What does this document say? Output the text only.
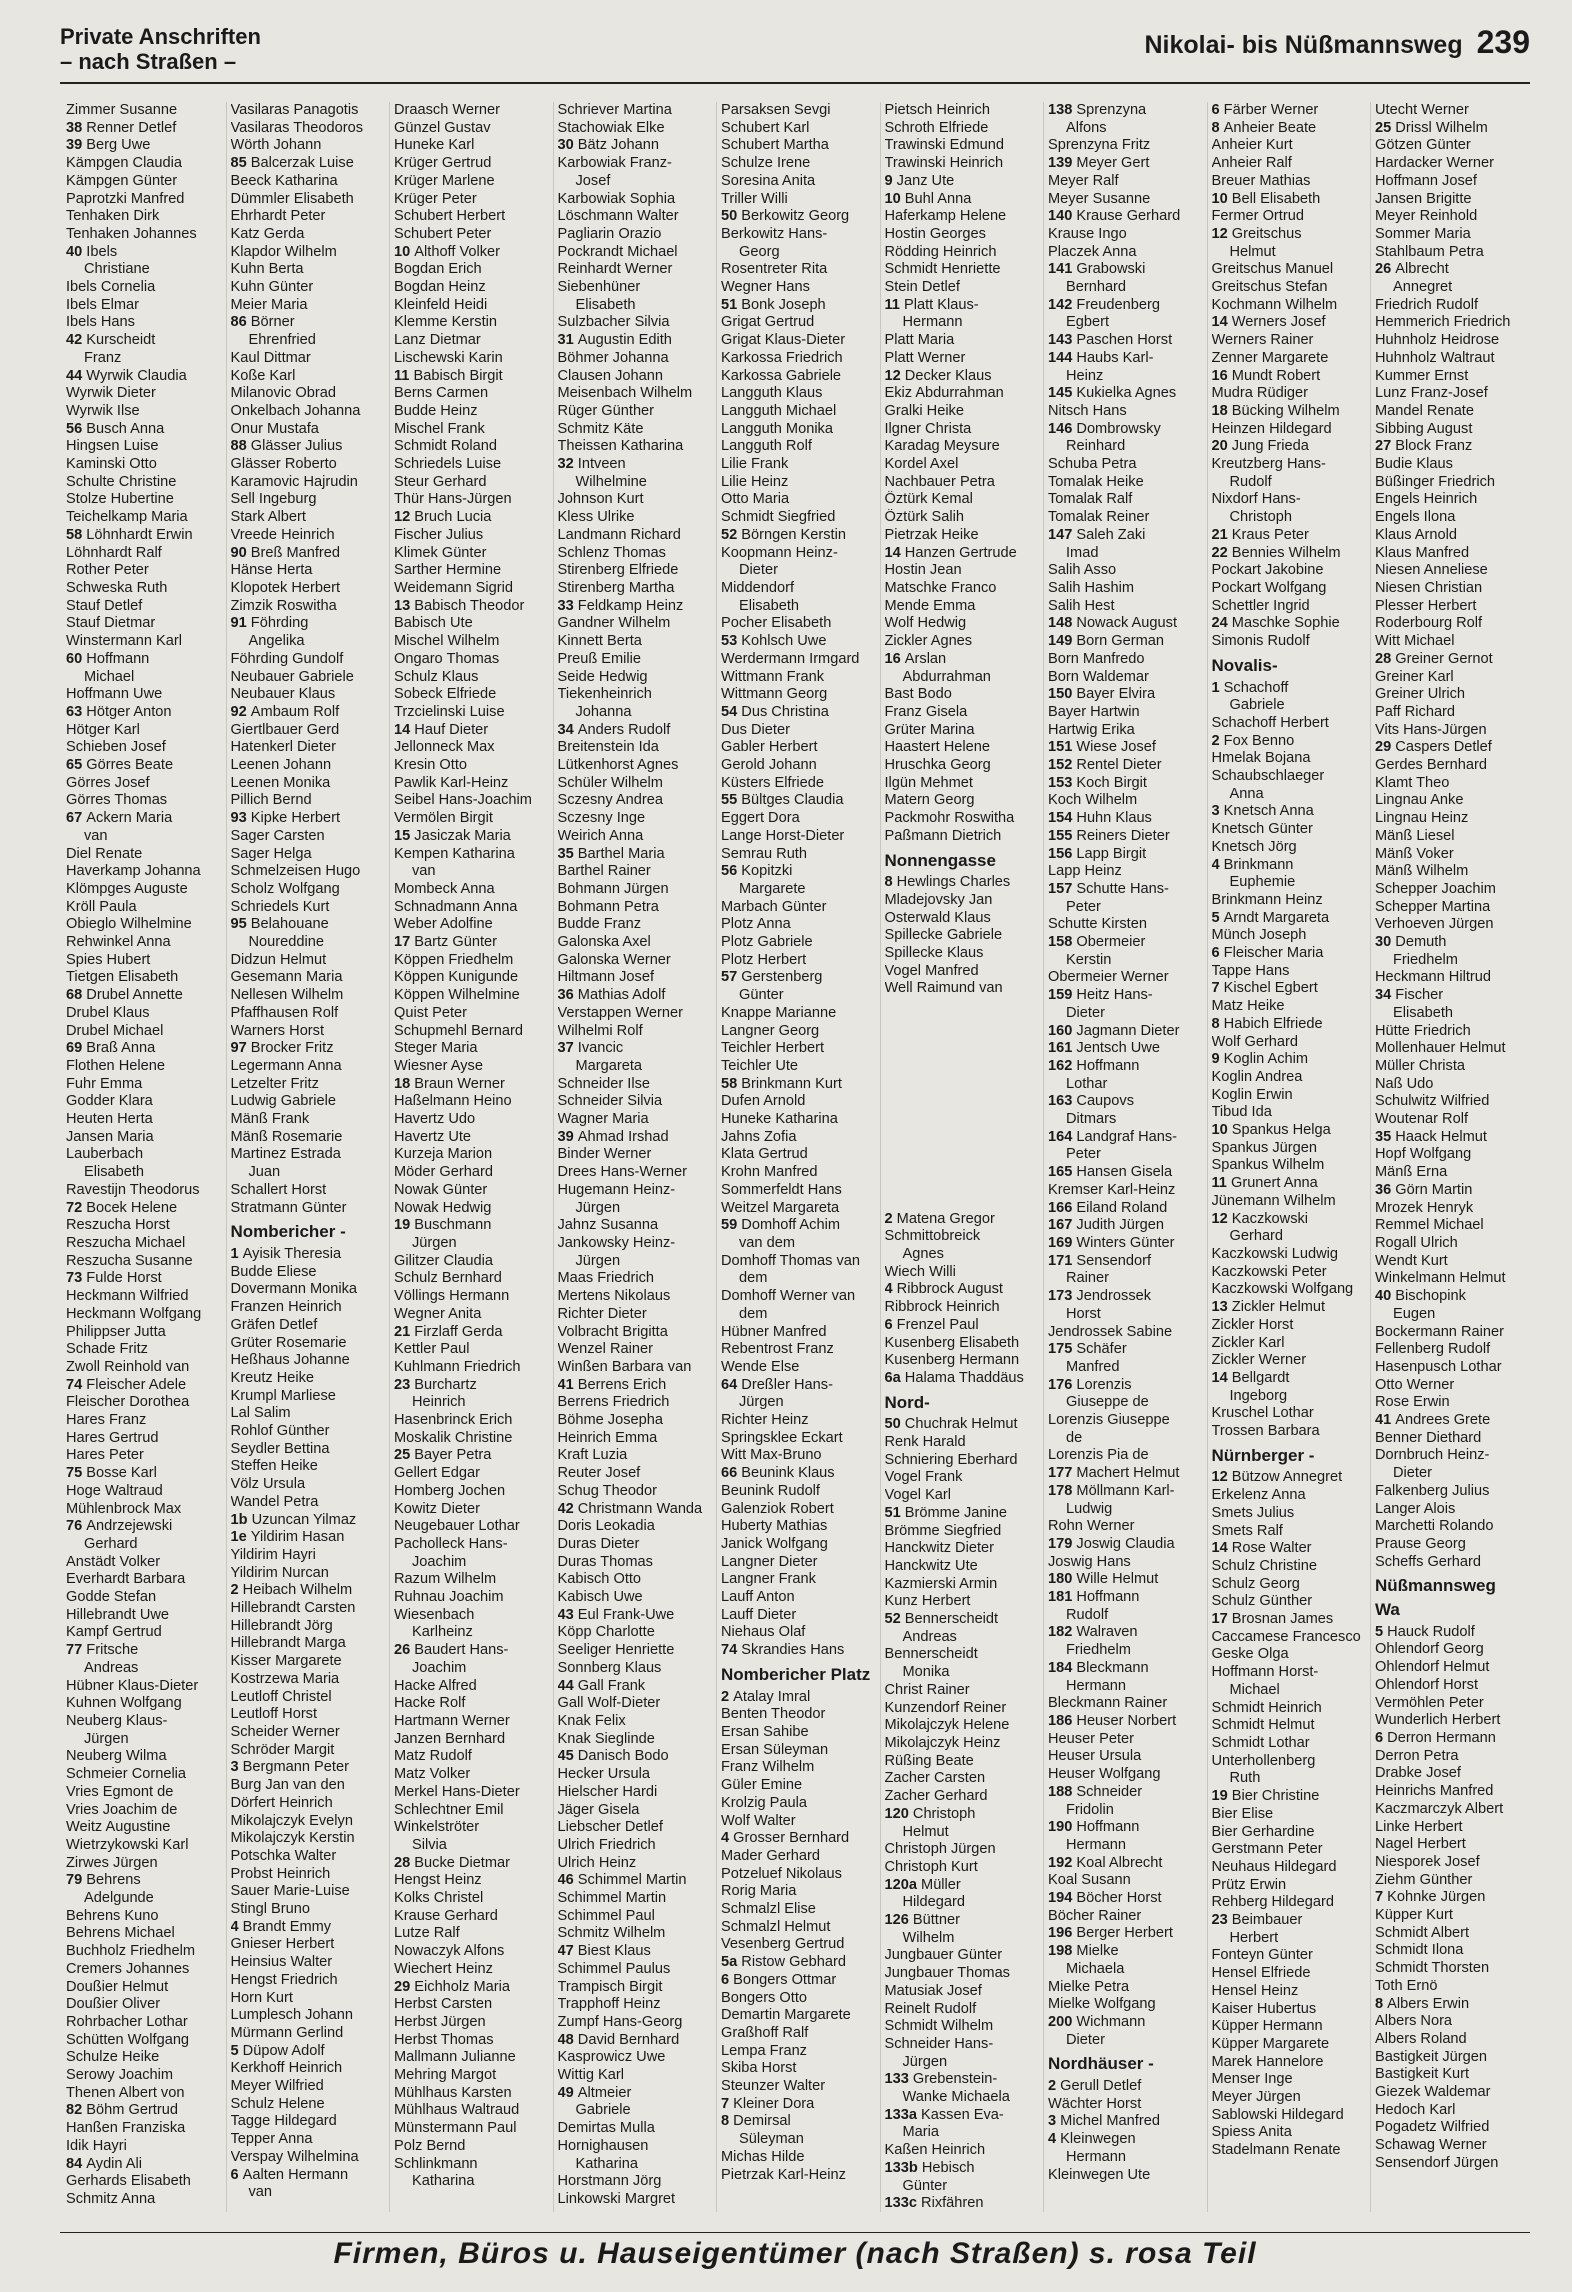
Private Anschriften
– nach Straßen –
Nikolai- bis Nüßmannsweg 239
Zimmer Susanne
38 Renner Detlef
39 Berg Uwe
Kämpgen Claudia
Kämpgen Günter
Paprotzki Manfred
Tenhaken Dirk
Tenhaken Johannes
40 Ibels
Christiane
Ibels Cornelia
Ibels Elmar
Ibels Hans
42 Kurscheidt
Franz
44 Wyrwik Claudia
Wyrwik Dieter
Wyrwik Ilse
56 Busch Anna
Hingsen Luise
Kaminski Otto
Schulte Christine
Stolze Hubertine
Teichelkamp Maria
58 Löhnhardt Erwin
Löhnhardt Ralf
Rother Peter
Schweska Ruth
Stauf Detlef
Stauf Dietmar
Winstermann Karl
60 Hoffmann
Michael
Hoffmann Uwe
63 Hötger Anton
Hötger Karl
Schieben Josef
65 Görres Beate
Görres Josef
Görres Thomas
67 Ackern Maria
van
Diel Renate
Haverkamp Johanna
Klömpges Auguste
Kröll Paula
Obieglo Wilhelmine
Rehwinkel Anna
Spies Hubert
Tietgen Elisabeth
68 Drubel Annette
Drubel Klaus
Drubel Michael
69 Braß Anna
Flothen Helene
Fuhr Emma
Godder Klara
Heuten Herta
Jansen Maria
Lauberbach
Elisabeth
Ravestijn Theodorus
72 Bocek Helene
Reszucha Horst
Reszucha Michael
Reszucha Susanne
73 Fulde Horst
Heckmann Wilfried
Heckmann Wolfgang
Philippser Jutta
Schade Fritz
Zwoll Reinhold van
74 Fleischer Adele
Fleischer Dorothea
Hares Franz
Hares Gertrud
Hares Peter
75 Bosse Karl
Hoge Waltraud
Mühlenbrock Max
76 Andrzejewski
Gerhard
Anstädt Volker
Everhardt Barbara
Godde Stefan
Hillebrandt Uwe
Kampf Gertrud
77 Fritsche
Andreas
Hübner Klaus-Dieter
Kuhnen Wolfgang
Neuberg Klaus-
Jürgen
Neuberg Wilma
Schmeier Cornelia
Vries Egmont de
Vries Joachim de
Weitz Augustine
Wietrzykowski Karl
Zirwes Jürgen
79 Behrens
Adelgunde
Behrens Kuno
Behrens Michael
Buchholz Friedhelm
Cremers Johannes
Doußier Helmut
Doußier Oliver
Rohrbacher Lothar
Schütten Wolfgang
Schulze Heike
Serowy Joachim
Thenen Albert von
82 Böhm Gertrud
Hanßen Franziska
Idik Hayri
84 Aydin Ali
Gerhards Elisabeth
Schmitz Anna
Vasilaras Panagotis
Vasilaras Theodoros
Wörth Johann
85 Balcerzak Luise
Beeck Katharina
Dümmler Elisabeth
Ehrhardt Peter
Katz Gerda
Klapdor Wilhelm
Kuhn Berta
Kuhn Günter
Meier Maria
86 Börner
Ehrenfried
Kaul Dittmar
Koße Karl
Milanovic Obrad
Onkelbach Johanna
Onur Mustafa
88 Glässer Julius
Glässer Roberto
Karamovic Hajrudin
Sell Ingeburg
Stark Albert
Vreede Heinrich
90 Breß Manfred
Hänse Herta
Klopotek Herbert
Zimzik Roswitha
91 Föhrding
Angelika
Föhrding Gundolf
Neubauer Gabriele
Neubauer Klaus
92 Ambaum Rolf
Giertlbauer Gerd
Hatenkerl Dieter
Leenen Johann
Leenen Monika
Pillich Bernd
93 Kipke Herbert
Sager Carsten
Sager Helga
Schmelzeisen Hugo
Scholz Wolfgang
Schriedels Kurt
95 Belahouane
Noureddine
Didzun Helmut
Gesemann Maria
Nellesen Wilhelm
Pfaffhausen Rolf
Warners Horst
97 Brocker Fritz
Legermann Anna
Letzelter Fritz
Ludwig Gabriele
Mänß Frank
Mänß Rosemarie
Martinez Estrada
Juan
Schallert Horst
Stratmann Günter
Nombericher -
1 Ayisik Theresia
Budde Eliese
Dovermann Monika
Franzen Heinrich
Gräfen Detlef
Grüter Rosemarie
Heßhaus Johanne
Kreutz Heike
Krumpl Marliese
Lal Salim
Rohlof Günther
Seydler Bettina
Steffen Heike
Völz Ursula
Wandel Petra
1b Uzuncan Yilmaz
1e Yildirim Hasan
Yildirim Hayri
Yildirim Nurcan
2 Heibach Wilhelm
Hillebrandt Carsten
Hillebrandt Jörg
Hillebrandt Marga
Kisser Margarete
Kostrzewa Maria
Leutloff Christel
Leutloff Horst
Scheider Werner
Schröder Margit
3 Bergmann Peter
Burg Jan van den
Dörfert Heinrich
Mikolajczyk Evelyn
Mikolajczyk Kerstin
Potschka Walter
Probst Heinrich
Sauer Marie-Luise
Stingl Bruno
4 Brandt Emmy
Gnieser Herbert
Heinsius Walter
Hengst Friedrich
Horn Kurt
Lumplesch Johann
Mürmann Gerlind
5 Düpow Adolf
Kerkhoff Heinrich
Meyer Wilfried
Schulz Helene
Tagge Hildegard
Tepper Anna
Verspay Wilhelmina
6 Aalten Hermann
van
Draasch Werner
Günzel Gustav
Huneke Karl
Krüger Gertrud
Krüger Marlene
Krüger Peter
Schubert Herbert
Schubert Peter
10 Althoff Volker
Bogdan Erich
Bogdan Heinz
Kleinfeld Heidi
Klemme Kerstin
Lanz Dietmar
Lischewski Karin
11 Babisch Birgit
Berns Carmen
Budde Heinz
Mischel Frank
Schmidt Roland
Schriedels Luise
Steur Gerhard
Thür Hans-Jürgen
12 Bruch Lucia
Fischer Julius
Klimek Günter
Sarther Hermine
Weidemann Sigrid
13 Babisch Theodor
Babisch Ute
Mischel Wilhelm
Ongaro Thomas
Schulz Klaus
Sobeck Elfriede
Trzcielinski Luise
14 Hauf Dieter
Jellonneck Max
Kresin Otto
Pawlik Karl-Heinz
Seibel Hans-Joachim
Vermölen Birgit
15 Jasiczak Maria
Kempen Katharina
van
Mombeck Anna
Schnadmann Anna
Weber Adolfine
17 Bartz Günter
Köppen Friedhelm
Köppen Kunigunde
Köppen Wilhelmine
Quist Peter
Schupmehl Bernard
Steger Maria
Wiesner Ayse
18 Braun Werner
Haßelmann Heino
Havertz Udo
Havertz Ute
Kurzeja Marion
Möder Gerhard
Nowak Günter
Nowak Hedwig
19 Buschmann
Jürgen
Gilitzer Claudia
Schulz Bernhard
Völlings Hermann
Wegner Anita
21 Firzlaff Gerda
Kettler Paul
Kuhlmann Friedrich
23 Burchartz
Heinrich
Hasenbrinck Erich
Moskalik Christine
25 Bayer Petra
Gellert Edgar
Homberg Jochen
Kowitz Dieter
Neugebauer Lothar
Pacholleck Hans-
Joachim
Razum Wilhelm
Ruhnau Joachim
Wiesenbach
Karlheinz
26 Baudert Hans-
Joachim
Hacke Alfred
Hacke Rolf
Hartmann Werner
Janzen Bernhard
Matz Rudolf
Matz Volker
Merkel Hans-Dieter
Schlechtner Emil
Winkelströter
Silvia
28 Bucke Dietmar
Hengst Heinz
Kolks Christel
Krause Gerhard
Lutze Ralf
Nowaczyk Alfons
Wiechert Heinz
29 Eichholz Maria
Herbst Carsten
Herbst Jürgen
Herbst Thomas
Mallmann Julianne
Mehring Margot
Mühlhaus Karsten
Mühlhaus Waltraud
Münstermann Paul
Polz Bernd
Schlinkmann
Katharina
Schriever Martina
Stachowiak Elke
30 Bätz Johann
Karbowiak Franz-
Josef
Karbowiak Sophia
Löschmann Walter
Pagliarin Orazio
Pockrandt Michael
Reinhardt Werner
Siebenhüner
Elisabeth
Sulzbacher Silvia
31 Augustin Edith
Böhmer Johanna
Clausen Johann
Meisenbach Wilhelm
Rüger Günther
Schmitz Käte
Theissen Katharina
32 Intveen
Wilhelmine
Johnson Kurt
Kless Ulrike
Landmann Richard
Schlenz Thomas
Stirenberg Elfriede
Stirenberg Martha
33 Feldkamp Heinz
Gandner Wilhelm
Kinnett Berta
Preuß Emilie
Seide Hedwig
Tiekenheinrich
Johanna
34 Anders Rudolf
Breitenstein Ida
Lütkenhorst Agnes
Schüler Wilhelm
Sczesny Andrea
Sczesny Inge
Weirich Anna
35 Barthel Maria
Barthel Rainer
Bohmann Jürgen
Bohmann Petra
Budde Franz
Galonska Axel
Galonska Werner
Hiltmann Josef
36 Mathias Adolf
Verstappen Werner
Wilhelmi Rolf
37 Ivancic
Margareta
Schneider Ilse
Schneider Silvia
Wagner Maria
39 Ahmad Irshad
Binder Werner
Drees Hans-Werner
Hugemann Heinz-
Jürgen
Jahnz Susanna
Jankowsky Heinz-
Jürgen
Maas Friedrich
Mertens Nikolaus
Richter Dieter
Volbracht Brigitta
Wenzel Rainer
Winßen Barbara van
41 Berrens Erich
Berrens Friedrich
Böhme Josepha
Heinrich Emma
Kraft Luzia
Reuter Josef
Schug Theodor
42 Christmann Wanda
Doris Leokadia
Duras Dieter
Duras Thomas
Kabisch Otto
Kabisch Uwe
43 Eul Frank-Uwe
Köpp Charlotte
Seeliger Henriette
Sonnberg Klaus
44 Gall Frank
Gall Wolf-Dieter
Knak Felix
Knak Sieglinde
45 Danisch Bodo
Hecker Ursula
Hielscher Hardi
Jäger Gisela
Liebscher Detlef
Ulrich Friedrich
Ulrich Heinz
46 Schimmel Martin
Schimmel Martin
Schimmel Paul
Schmitz Wilhelm
47 Biest Klaus
Schimmel Paulus
Trampisch Birgit
Trapphoff Heinz
Zumpf Hans-Georg
48 David Bernhard
Kasprowicz Uwe
Wittig Karl
49 Altmeier
Gabriele
Demirtas Mulla
Hornighausen
Katharina
Horstmann Jörg
Linkowski Margret
Parsaksen Sevgi
Schubert Karl
Schubert Martha
Schulze Irene
Soresina Anita
Triller Willi
50 Berkowitz Georg
Berkowitz Hans-
Georg
Rosentreter Rita
Wegner Hans
51 Bonk Joseph
Grigat Gertrud
Grigat Klaus-Dieter
Karkossa Friedrich
Karkossa Gabriele
Langguth Klaus
Langguth Michael
Langguth Monika
Langguth Rolf
Lilie Frank
Lilie Heinz
Otto Maria
Schmidt Siegfried
52 Börngen Kerstin
Koopmann Heinz-
Dieter
Middendorf
Elisabeth
Pocher Elisabeth
53 Kohlsch Uwe
Werdermann Irmgard
Wittmann Frank
Wittmann Georg
54 Dus Christina
Dus Dieter
Gabler Herbert
Gerold Johann
Küsters Elfriede
55 Bültges Claudia
Eggert Dora
Lange Horst-Dieter
Semrau Ruth
56 Kopitzki
Margarete
Marbach Günter
Plotz Anna
Plotz Gabriele
Plotz Herbert
57 Gerstenberg
Günter
Knappe Marianne
Langner Georg
Teichler Herbert
Teichler Ute
58 Brinkmann Kurt
Dufen Arnold
Huneke Katharina
Jahns Zofia
Klata Gertrud
Krohn Manfred
Sommerfeldt Hans
Weitzel Margareta
59 Domhoff Achim
van dem
Domhoff Thomas van
dem
Domhoff Werner van
dem
Hübner Manfred
Rebentrost Franz
Wende Else
64 Dreßler Hans-
Jürgen
Richter Heinz
Springsklee Eckart
Witt Max-Bruno
66 Beunink Klaus
Beunink Rudolf
Galenziok Robert
Huberty Mathias
Janick Wolfgang
Langner Dieter
Langner Frank
Lauff Anton
Lauff Dieter
Niehaus Olaf
74 Skrandies Hans
Nombericher Platz
2 Atalay Imral
Benten Theodor
Ersan Sahibe
Ersan Süleyman
Franz Wilhelm
Güler Emine
Krolzig Paula
Wolf Walter
4 Grosser Bernhard
Mader Gerhard
Potzeluef Nikolaus
Rorig Maria
Schmalzl Elise
Schmalzl Helmut
Vesenberg Gertrud
5a Ristow Gebhard
6 Bongers Ottmar
Bongers Otto
Demartin Margarete
Graßhoff Ralf
Lempa Franz
Skiba Horst
Steunzer Walter
7 Kleiner Dora
8 Demirsal
Süleyman
Michas Hilde
Pietrzak Karl-Heinz
Pietsch Heinrich
Schroth Elfriede
Trawinski Edmund
Trawinski Heinrich
9 Janz Ute
10 Buhl Anna
Haferkamp Helene
Hostin Georges
Rödding Heinrich
Schmidt Henriette
Stein Detlef
11 Platt Klaus-
Hermann
Platt Maria
Platt Werner
12 Decker Klaus
Ekiz Abdurrahman
Gralki Heike
Ilgner Christa
Karadag Meysure
Kordel Axel
Nachbauer Petra
Öztürk Kemal
Öztürk Salih
Pietrzak Heike
14 Hanzen Gertrude
Hostin Jean
Matschke Franco
Mende Emma
Wolf Hedwig
Zickler Agnes
16 Arslan
Abdurrahman
Bast Bodo
Franz Gisela
Grüter Marina
Haastert Helene
Hruschka Georg
Ilgün Mehmet
Matern Georg
Packmohr Roswitha
Paßmann Dietrich
Nonnengasse
8 Hewlings Charles
Mladejovsky Jan
Osterwald Klaus
Spillecke Gabriele
Spillecke Klaus
Vogel Manfred
Well Raimund van

2 Matena Gregor
Schmittobreick
Agnes
Wiech Willi
4 Ribbrock August
Ribbrock Heinrich
6 Frenzel Paul
Kusenberg Elisabeth
Kusenberg Hermann
6a Halama Thaddäus
Nord-
50 Chuchrak Helmut
Renk Harald
Schniering Eberhard
Vogel Frank
Vogel Karl
51 Brömme Janine
Brömme Siegfried
Hanckwitz Dieter
Hanckwitz Ute
Kazmierski Armin
Kunz Herbert
52 Bennerscheidt
Andreas
Bennerscheidt
Monika
Christ Rainer
Kunzendorf Reiner
Mikolajczyk Helene
Mikolajczyk Heinz
Rüßing Beate
Zacher Carsten
Zacher Gerhard
120 Christoph
Helmut
Christoph Jürgen
Christoph Kurt
120a Müller
Hildegard
126 Büttner
Wilhelm
Jungbauer Günter
Jungbauer Thomas
Matusiak Josef
Reinelt Rudolf
Schmidt Wilhelm
Schneider Hans-
Jürgen
133 Grebenstein-
Wanke Michaela
133a Kassen Eva-
Maria
Kaßen Heinrich
133b Hebisch
Günter
133c Rixfähren
138 Sprenzyna
Alfons
Sprenzyna Fritz
139 Meyer Gert
Meyer Ralf
Meyer Susanne
140 Krause Gerhard
Krause Ingo
Placzek Anna
141 Grabowski
Bernhard
142 Freudenberg
Egbert
143 Paschen Horst
144 Haubs Karl-
Heinz
145 Kukielka Agnes
Nitsch Hans
146 Dombrowsky
Reinhard
Schuba Petra
Tomalak Heike
Tomalak Ralf
Tomalak Reiner
147 Saleh Zaki
Imad
Salih Asso
Salih Hashim
Salih Hest
148 Nowack August
149 Born German
Born Manfredo
Born Waldemar
150 Bayer Elvira
Bayer Hartwin
Hartwig Erika
151 Wiese Josef
152 Rentel Dieter
153 Koch Birgit
Koch Wilhelm
154 Huhn Klaus
155 Reiners Dieter
156 Lapp Birgit
Lapp Heinz
157 Schutte Hans-
Peter
Schutte Kirsten
158 Obermeier
Kerstin
Obermeier Werner
159 Heitz Hans-
Dieter
160 Jagmann Dieter
161 Jentsch Uwe
162 Hoffmann
Lothar
163 Caupovs
Ditmars
164 Landgraf Hans-
Peter
165 Hansen Gisela
Kremser Karl-Heinz
166 Eiland Roland
167 Judith Jürgen
169 Winters Günter
171 Sensendorf
Rainer
173 Jendrossek
Horst
Jendrossek Sabine
175 Schäfer
Manfred
176 Lorenzis
Giuseppe de
Lorenzis Giuseppe
de
Lorenzis Pia de
177 Machert Helmut
178 Möllmann Karl-
Ludwig
Rohn Werner
179 Joswig Claudia
Joswig Hans
180 Wille Helmut
181 Hoffmann
Rudolf
182 Walraven
Friedhelm
184 Bleckmann
Hermann
Bleckmann Rainer
186 Heuser Norbert
Heuser Peter
Heuser Ursula
Heuser Wolfgang
188 Schneider
Fridolin
190 Hoffmann
Hermann
192 Koal Albrecht
Koal Susann
194 Böcher Horst
Böcher Rainer
196 Berger Herbert
198 Mielke
Michaela
Mielke Petra
Mielke Wolfgang
200 Wichmann
Dieter
Nordhäuser -
2 Gerull Detlef
Wächter Horst
3 Michel Manfred
4 Kleinwegen
Hermann
Kleinwegen Ute
6 Färber Werner
8 Anheier Beate
Anheier Kurt
Anheier Ralf
Breuer Mathias
10 Bell Elisabeth
Fermer Ortrud
12 Greitschus
Helmut
Greitschus Manuel
Greitschus Stefan
Kochmann Wilhelm
14 Werners Josef
Werners Rainer
Zenner Margarete
16 Mundt Robert
Mudra Rüdiger
18 Bücking Wilhelm
Heinzen Hildegard
20 Jung Frieda
Kreutzberg Hans-
Rudolf
Nixdorf Hans-
Christoph
21 Kraus Peter
22 Bennies Wilhelm
Pockart Jakobine
Pockart Wolfgang
Schettler Ingrid
24 Maschke Sophie
Simonis Rudolf
Novalis-
1 Schachoff
Gabriele
Schachoff Herbert
2 Fox Benno
Hmelak Bojana
Schaubschlaeger
Anna
3 Knetsch Anna
Knetsch Günter
Knetsch Jörg
4 Brinkmann
Euphemie
Brinkmann Heinz
5 Arndt Margareta
Münch Joseph
6 Fleischer Maria
Tappe Hans
7 Kischel Egbert
Matz Heike
8 Habich Elfriede
Wolf Gerhard
9 Koglin Achim
Koglin Andrea
Koglin Erwin
Tibud Ida
10 Spankus Helga
Spankus Jürgen
Spankus Wilhelm
11 Grunert Anna
Jünemann Wilhelm
12 Kaczkowski
Gerhard
Kaczkowski Ludwig
Kaczkowski Peter
Kaczkowski Wolfgang
13 Zickler Helmut
Zickler Horst
Zickler Karl
Zickler Werner
14 Bellgardt
Ingeborg
Kruschel Lothar
Trossen Barbara
Nürnberger -
12 Bützow Annegret
Erkelenz Anna
Smets Julius
Smets Ralf
14 Rose Walter
Schulz Christine
Schulz Georg
Schulz Günther
17 Brosnan James
Caccamese Francesco
Geske Olga
Hoffmann Horst-
Michael
Schmidt Heinrich
Schmidt Helmut
Schmidt Lothar
Unterhollenberg
Ruth
19 Bier Christine
Bier Elise
Bier Gerhardine
Gerstmann Peter
Neuhaus Hildegard
Prütz Erwin
Rehberg Hildegard
23 Beimbauer
Herbert
Fonteyn Günter
Hensel Elfriede
Hensel Heinz
Kaiser Hubertus
Küpper Hermann
Küpper Margarete
Marek Hannelore
Menser Inge
Meyer Jürgen
Sablowski Hildegard
Spiess Anita
Stadelmann Renate
Utecht Werner
25 Drissl Wilhelm
Götzen Günter
Hardacker Werner
Hoffmann Josef
Jansen Brigitte
Meyer Reinhold
Sommer Maria
Stahlbaum Petra
26 Albrecht
Annegret
Friedrich Rudolf
Hemmerich Friedrich
Huhnholz Heidrose
Huhnholz Waltraut
Kummer Ernst
Lunz Franz-Josef
Mandel Renate
Sibbing August
27 Block Franz
Budie Klaus
Büßinger Friedrich
Engels Heinrich
Engels Ilona
Klaus Arnold
Klaus Manfred
Niesen Anneliese
Niesen Christian
Plesser Herbert
Roderbourg Rolf
Witt Michael
28 Greiner Gernot
Greiner Karl
Greiner Ulrich
Paff Richard
Vits Hans-Jürgen
29 Caspers Detlef
Gerdes Bernhard
Klamt Theo
Lingnau Anke
Lingnau Heinz
Mänß Liesel
Mänß Voker
Mänß Wilhelm
Schepper Joachim
Schepper Martina
Verhoeven Jürgen
30 Demuth
Friedhelm
Heckmann Hiltrud
34 Fischer
Elisabeth
Hütte Friedrich
Mollenhauer Helmut
Müller Christa
Naß Udo
Schulwitz Wilfried
Woutenar Rolf
35 Haack Helmut
Hopf Wolfgang
Mänß Erna
36 Görn Martin
Mrozek Henryk
Remmel Michael
Rogall Ulrich
Wendt Kurt
Winkelmann Helmut
40 Bischopink
Eugen
Bockermann Rainer
Fellenberg Rudolf
Hasenpusch Lothar
Otto Werner
Rose Erwin
41 Andrees Grete
Benner Diethard
Dornbruch Heinz-
Dieter
Falkenberg Julius
Langer Alois
Marchetti Rolando
Prause Georg
Scheffs Gerhard
Nüßmannsweg
Wa
5 Hauck Rudolf
Ohlendorf Georg
Ohlendorf Helmut
Ohlendorf Horst
Vermöhlen Peter
Wunderlich Herbert
6 Derron Hermann
Derron Petra
Drabke Josef
Heinrichs Manfred
Kaczmarczyk Albert
Linke Herbert
Nagel Herbert
Niesporek Josef
Ziehm Günther
7 Kohnke Jürgen
Küpper Kurt
Schmidt Albert
Schmidt Ilona
Schmidt Thorsten
Toth Ernö
8 Albers Erwin
Albers Nora
Albers Roland
Bastigkeit Jürgen
Bastigkeit Kurt
Giezek Waldemar
Hedoch Karl
Pogadetz Wilfried
Schawag Werner
Sensendorf Jürgen
Firmen, Büros u. Hauseigentümer (nach Straßen) s. rosa Teil
